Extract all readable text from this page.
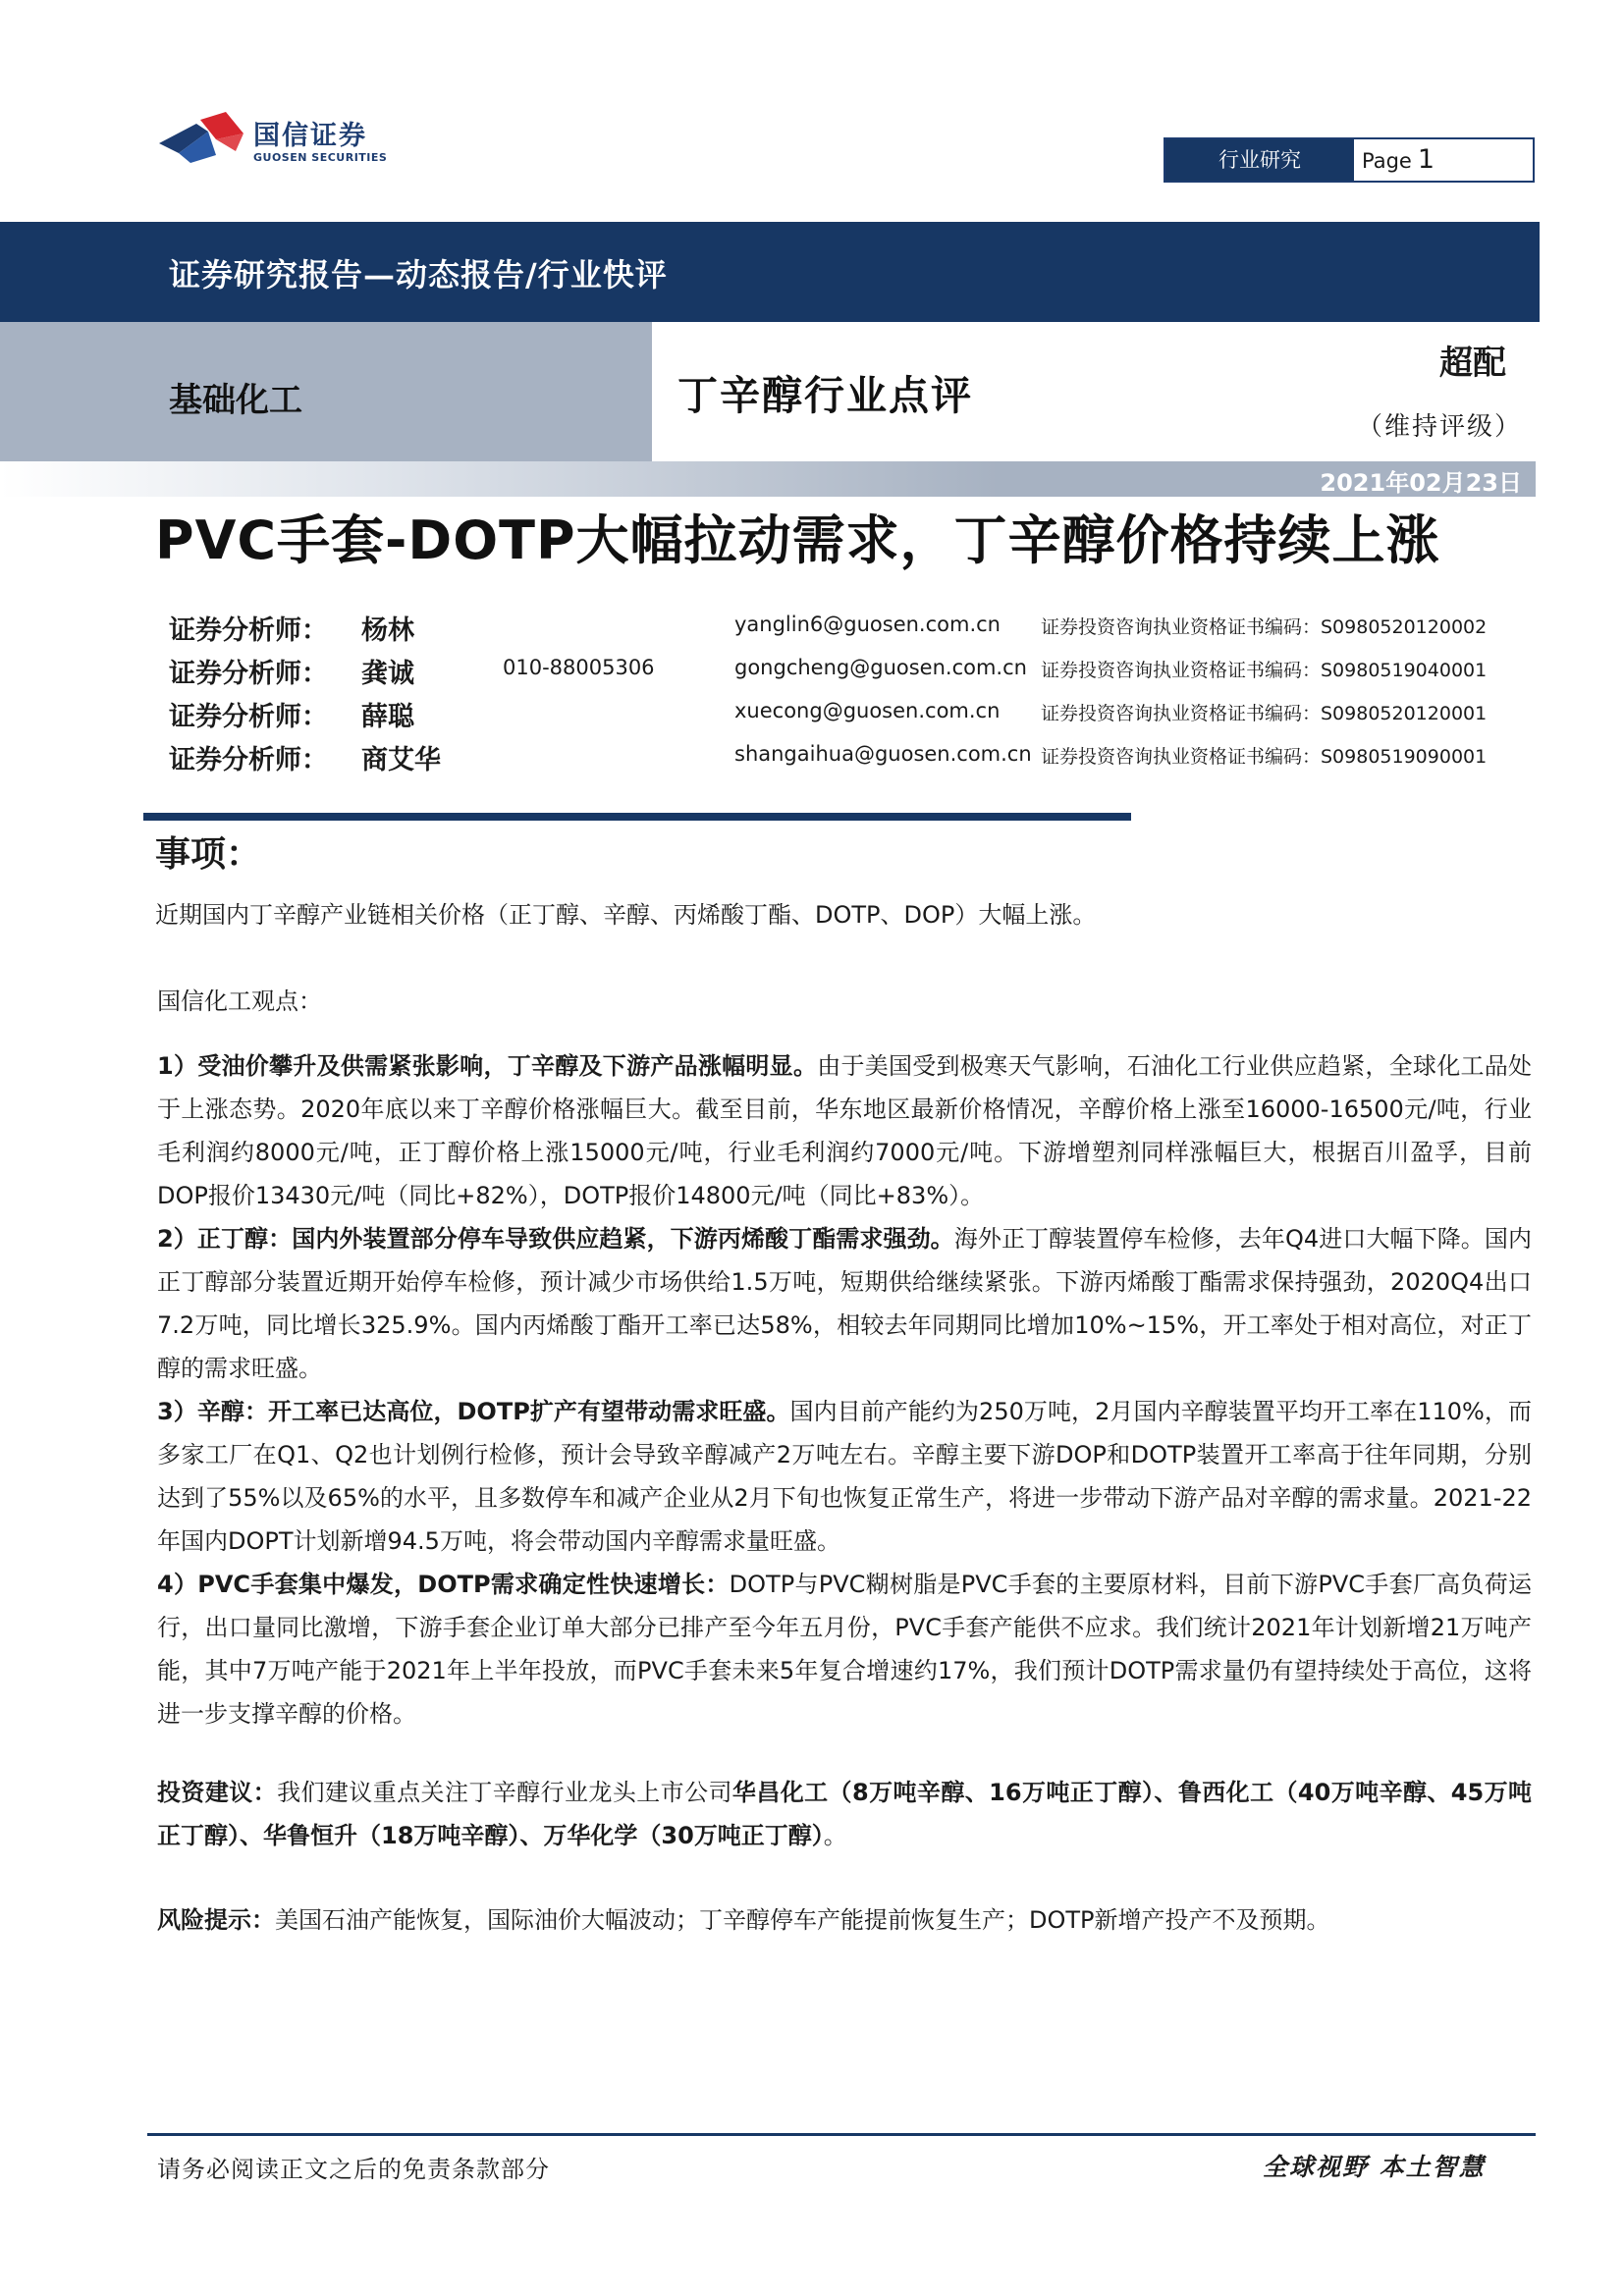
国信证券
GUOSEN SECURITIES	行业研究	Page 1
证券研究报告—动态报告/行业快评
基础化工
2021年02月23日
丁辛醇行业点评
超配
（维持评级）
PVC手套-DOTP大幅拉动需求，丁辛醇价格持续上涨
证券分析师： 杨林	yanglin6@guosen.com.cn 证券投资咨询执业资格证书编码：S0980520120002
证券分析师： 龚诚	010-88005306	gongcheng@guosen.com.cn 证券投资咨询执业资格证书编码：S0980519040001
证券分析师： 薛聪	xuecong@guosen.com.cn 证券投资咨询执业资格证书编码：S0980520120001
证券分析师： 商艾华	shangaihua@guosen.com.cn 证券投资咨询执业资格证书编码：S0980519090001
事项：
近期国内丁辛醇产业链相关价格（正丁醇、辛醇、丙烯酸丁酯、DOTP、DOP）大幅上涨。
国信化工观点：

1）受油价攀升及供需紧张影响，丁辛醇及下游产品涨幅明显。由于美国受到极寒天气影响，石油化工行业供应趋紧，全球化工品处于上涨态势。2020年底以来丁辛醇价格涨幅巨大。截至目前，华东地区最新价格情况，辛醇价格上涨至16000-16500元/吨，行业毛利润约8000元/吨，正丁醇价格上涨15000元/吨，行业毛利润约7000元/吨。下游增塑剂同样涨幅巨大，根据百川盈孚，目前DOP报价13430元/吨（同比+82%），DOTP报价14800元/吨（同比+83%）。

2）正丁醇：国内外装置部分停车导致供应趋紧，下游丙烯酸丁酯需求强劲。海外正丁醇装置停车检修，去年Q4进口大幅下降。国内正丁醇部分装置近期开始停车检修，预计减少市场供给1.5万吨，短期供给继续紧张。下游丙烯酸丁酯需求保持强劲，2020Q4出口7.2万吨，同比增长325.9%。国内丙烯酸丁酯开工率已达58%，相较去年同期同比增加10%~15%，开工率处于相对高位，对正丁醇的需求旺盛。

3）辛醇：开工率已达高位，DOTP扩产有望带动需求旺盛。国内目前产能约为250万吨，2月国内辛醇装置平均开工率在110%，而多家工厂在Q1、Q2也计划例行检修，预计会导致辛醇减产2万吨左右。辛醇主要下游DOP和DOTP装置开工率高于往年同期，分别达到了55%以及65%的水平，且多数停车和减产企业从2月下旬也恢复正常生产，将进一步带动下游产品对辛醇的需求量。2021-22年国内DOPT计划新增94.5万吨，将会带动国内辛醇需求量旺盛。

4）PVC手套集中爆发，DOTP需求确定性快速增长：DOTP与PVC糊树脂是PVC手套的主要原材料，目前下游PVC手套厂高负荷运行，出口量同比激增，下游手套企业订单大部分已排产至今年五月份，PVC手套产能供不应求。我们统计2021年计划新增21万吨产能，其中7万吨产能于2021年上半年投放，而PVC手套未来5年复合增速约17%，我们预计DOTP需求量仍有望持续处于高位，这将进一步支撑辛醇的价格。

投资建议：我们建议重点关注丁辛醇行业龙头上市公司华昌化工（8万吨辛醇、16万吨正丁醇）、鲁西化工（40万吨辛醇、45万吨正丁醇）、华鲁恒升（18万吨辛醇）、万华化学（30万吨正丁醇）。
风险提示：美国石油产能恢复，国际油价大幅波动；丁辛醇停车产能提前恢复生产；DOTP新增产投产不及预期。
请务必阅读正文之后的免责条款部分	全球视野 本土智慧
